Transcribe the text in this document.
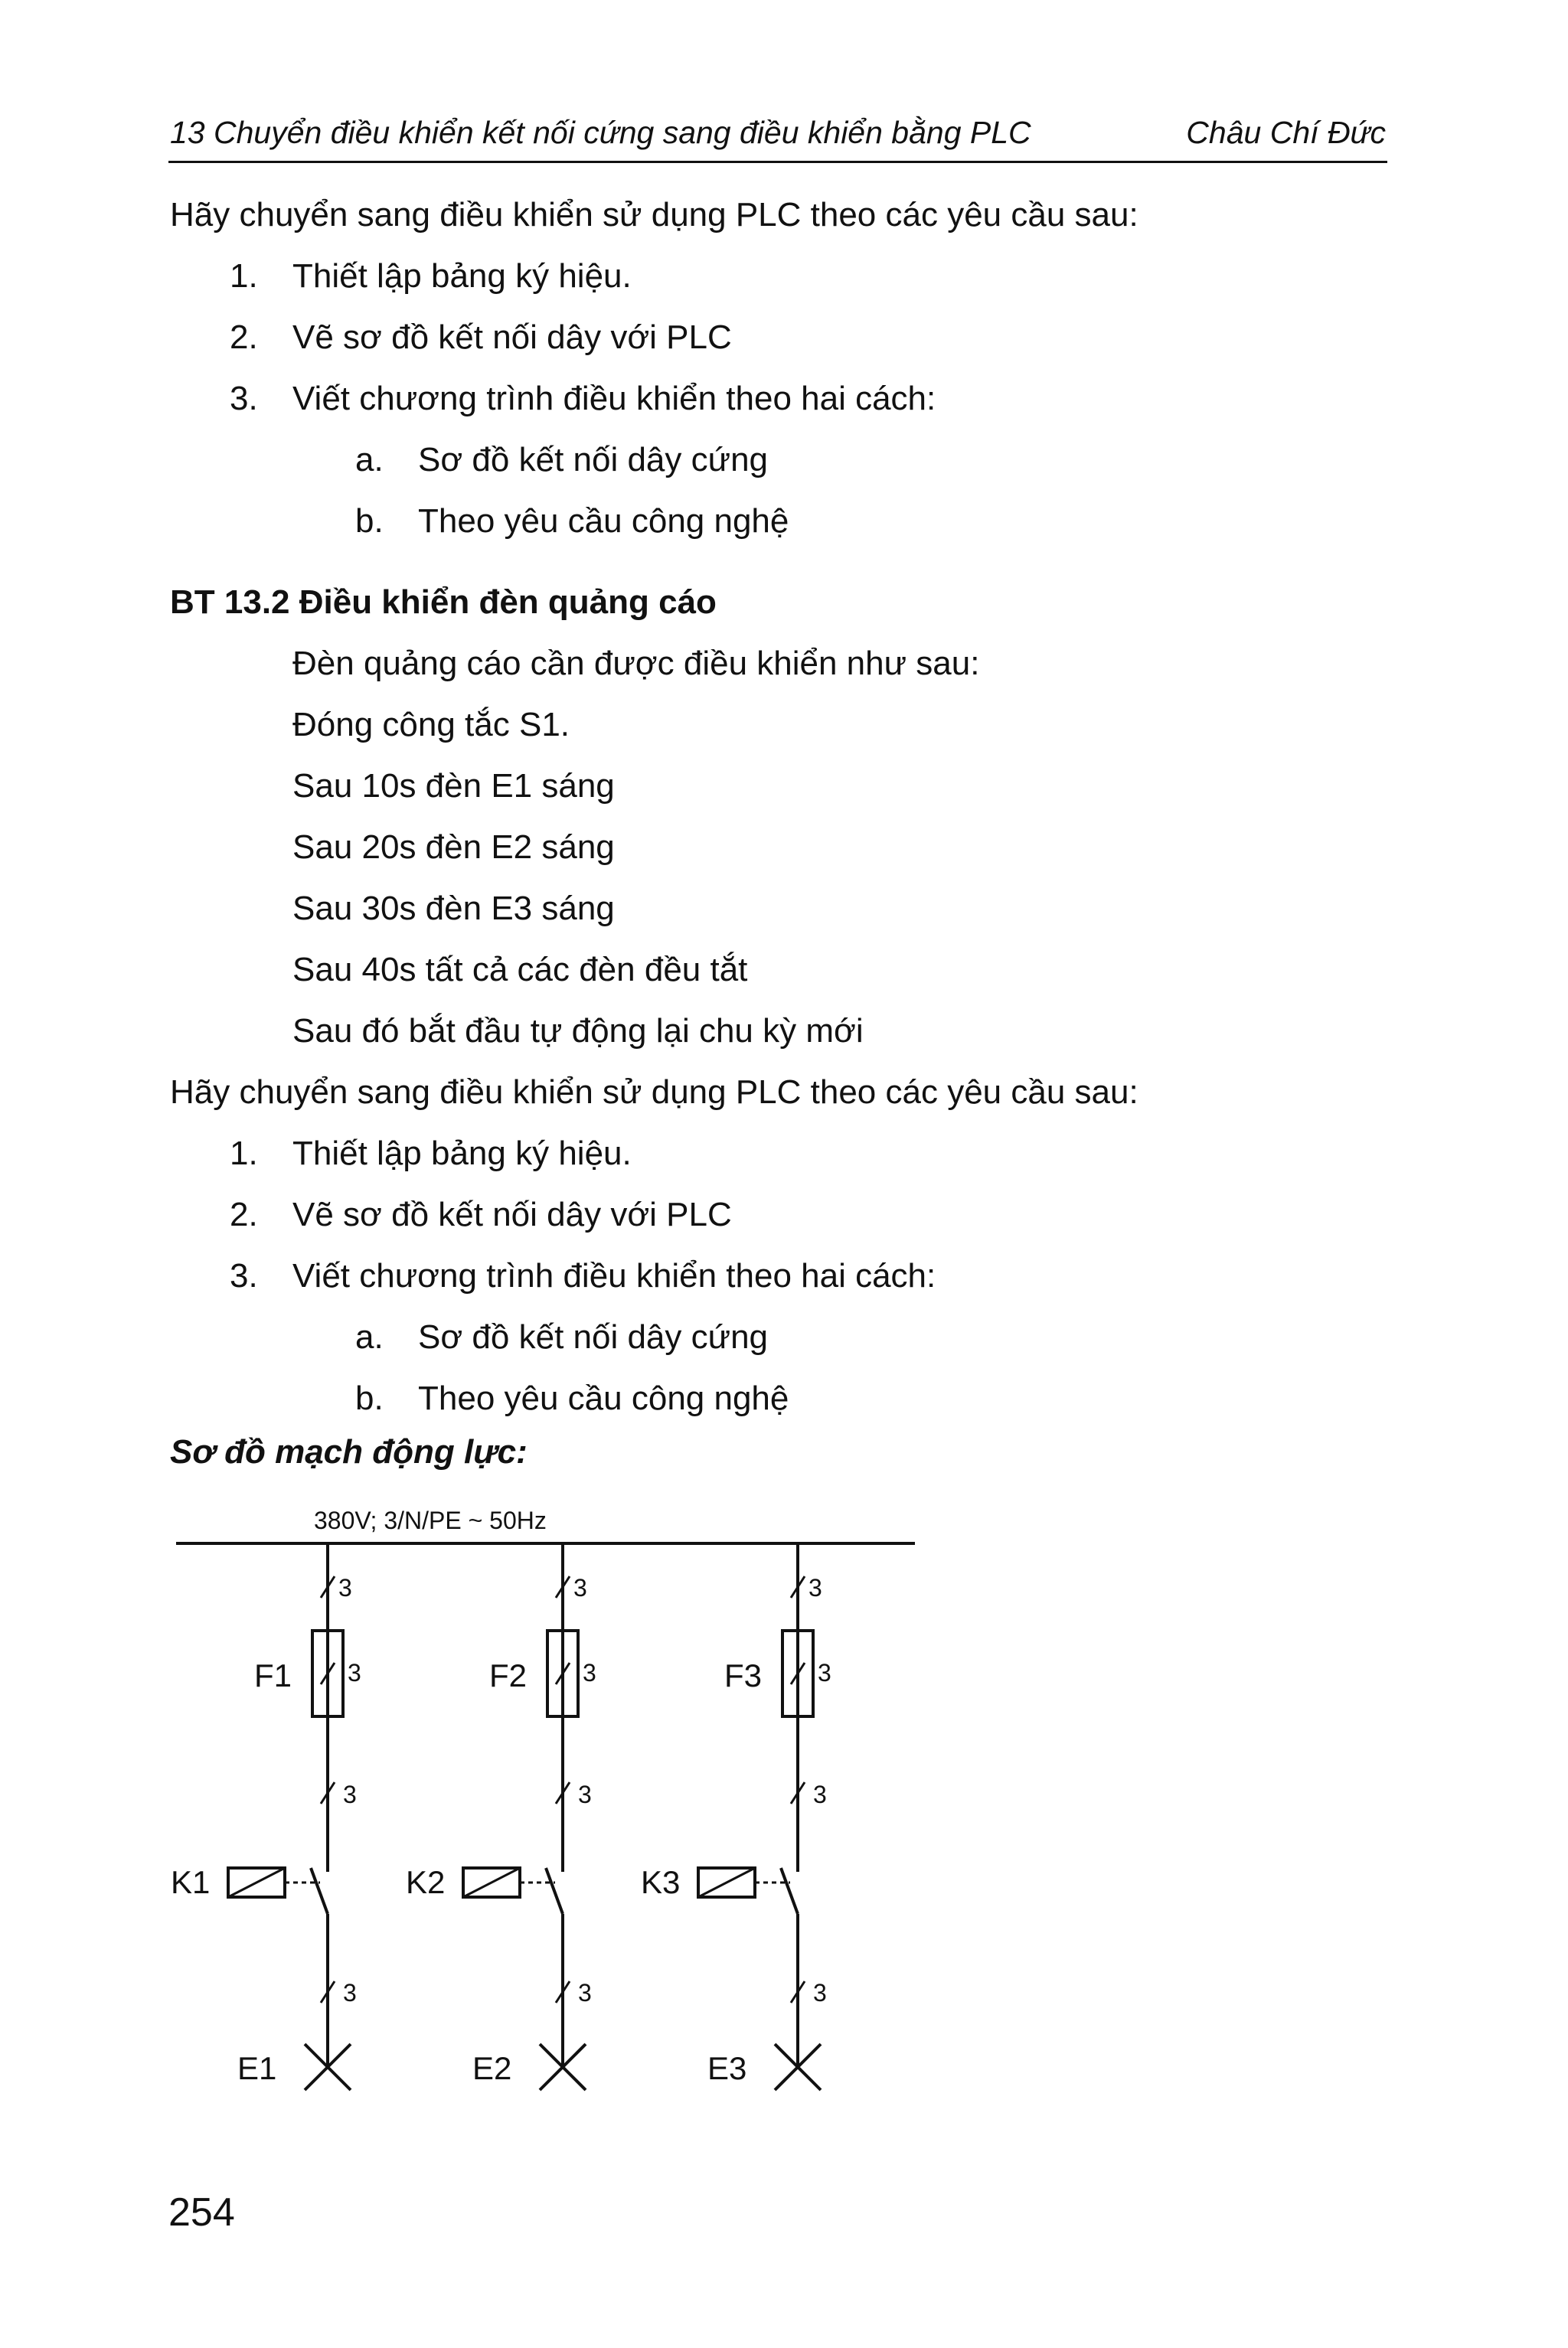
13 Chuyển điều khiển kết nối cứng sang điều khiển bằng PLC	Châu Chí Đức
Hãy chuyển sang điều khiển sử dụng PLC theo các yêu cầu sau:
1. Thiết lập bảng ký hiệu.
2. Vẽ sơ đồ kết nối dây với PLC
3. Viết chương trình điều khiển theo hai cách:
a. Sơ đồ kết nối dây cứng
b. Theo yêu cầu công nghệ
BT 13.2 Điều khiển đèn quảng cáo
Đèn quảng cáo cần được điều khiển như sau:
Đóng công tắc S1.
Sau 10s đèn E1 sáng
Sau 20s đèn E2 sáng
Sau 30s đèn E3 sáng
Sau 40s tất cả các đèn đều tắt
Sau đó bắt đầu tự động lại chu kỳ mới
Hãy chuyển sang điều khiển sử dụng PLC theo các yêu cầu sau:
1. Thiết lập bảng ký hiệu.
2. Vẽ sơ đồ kết nối dây với PLC
3. Viết chương trình điều khiển theo hai cách:
a. Sơ đồ kết nối dây cứng
b. Theo yêu cầu công nghệ
Sơ đồ mạch động lực:
380V; 3/N/PE ~ 50Hz
3
3
F1
3
K1
3
E1
3
3
F2
3
K2
3
E2
3
3
F3
3
K3
3
E3
254
